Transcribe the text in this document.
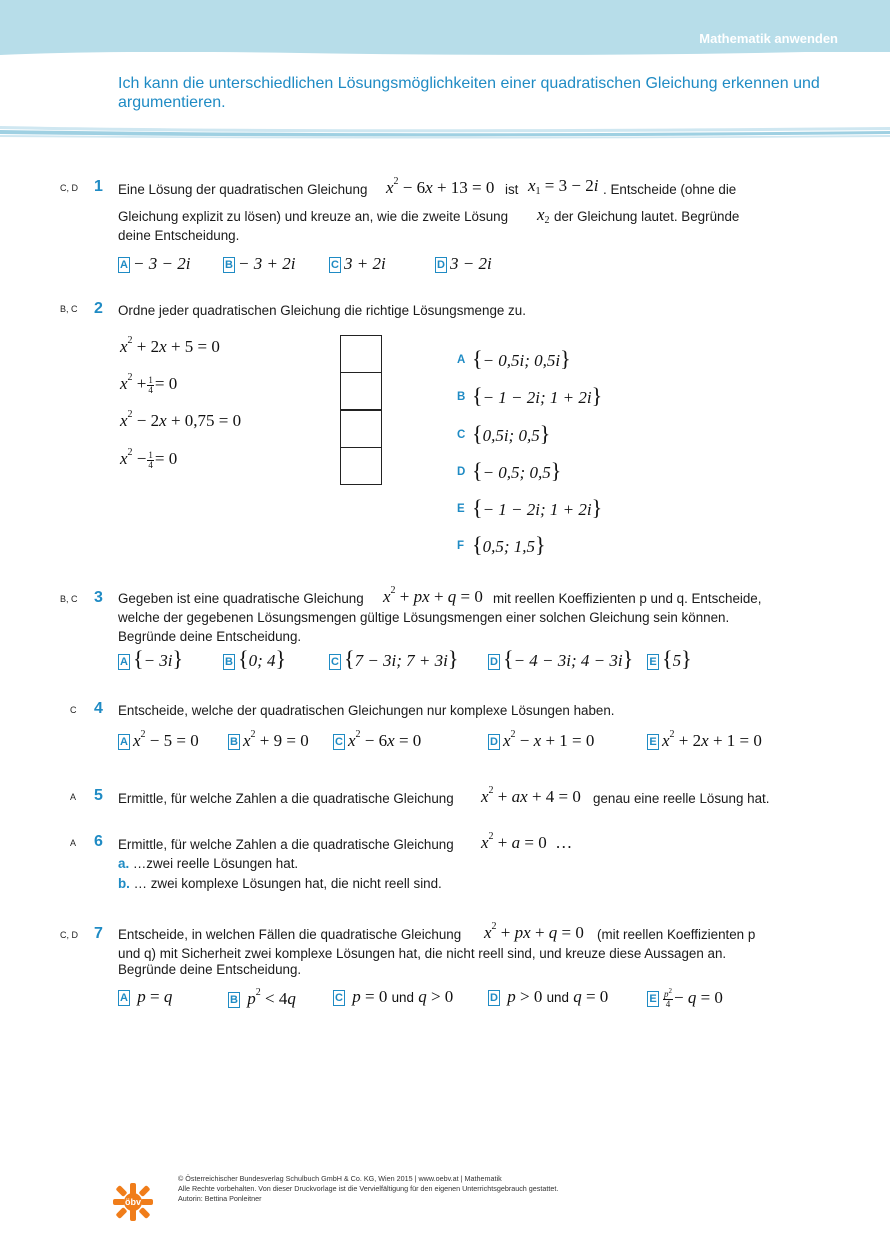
Mathematik anwenden
Ich kann die unterschiedlichen Lösungsmöglichkeiten einer quadratischen Gleichung erkennen und argumentieren.
C, D 1 Eine Lösung der quadratischen Gleichung $x^2 - 6x + 13 = 0$ ist $x_1 = 3 - 2i$ . Entscheide (ohne die
Gleichung explizit zu lösen) und kreuze an, wie die zweite Lösung $x_2$ der Gleichung lautet. Begründe
deine Entscheidung.
A − 3 − 2i	B − 3 + 2i	C 3 + 2i	D 3 − 2i
B, C 2 Ordne jeder quadratischen Gleichung die richtige Lösungsmenge zu.
$x^2 + 2x + 5 = 0$
$x^2 + \frac{1}{4} = 0$
$x^2 - 2x + 0,75 = 0$
$x^2 - \frac{1}{4} = 0$
A {− 0,5i; 0,5i}
B {− 1 − 2i; 1 + 2i}
C {0,5i; 0,5}
D {− 0,5; 0,5}
E {− 1 − 2i; 1 + 2i}
F {0,5; 1,5}
B, C 3 Gegeben ist eine quadratische Gleichung $x^2$ + px + q = 0 mit reellen Koeffizienten p und q. Entscheide,
welche der gegebenen Lösungsmengen gültige Lösungsmengen einer solchen Gleichung sein können.
Begründe deine Entscheidung.
A {− 3i}	B {0; 4}	C {7 − 3i; 7 + 3i}	D {− 4 − 3i; 4 − 3i} E {5}
C 4 Entscheide, welche der quadratischen Gleichungen nur komplexe Lösungen haben.
A $x^2 - 5 = 0$	B $x^2 + 9 = 0$ C $x^2 - 6x = 0$	D $x^2 - x + 1 = 0$	E $x^2 + 2x + 1 = 0$
A 5 Ermittle, für welche Zahlen a die quadratische Gleichung $x^2$ + ax + 4 = 0 genau eine reelle Lösung hat.
A 6 Ermittle, für welche Zahlen a die quadratische Gleichung $x^2 + a = 0$  …
a. …zwei reelle Lösungen hat.
b. … zwei komplexe Lösungen hat, die nicht reell sind.
C, D 7 Entscheide, in welchen Fällen die quadratische Gleichung $x^2$ + px + q = 0 (mit reellen Koeffizienten p
und q) mit Sicherheit zwei komplexe Lösungen hat, die nicht reell sind, und kreuze diese Aussagen an.
Begründe deine Entscheidung.
A p = q	B $p^2 < 4q$	C p = 0 und q > 0	D p > 0 und q = 0	E $\frac{p^2}{4} - q = 0$
öbv
© Österreichischer Bundesverlag Schulbuch GmbH & Co. KG, Wien 2015 | www.oebv.at | Mathematik
Alle Rechte vorbehalten. Von dieser Druckvorlage ist die Vervielfältigung für den eigenen Unterrichtsgebrauch gestattet.
Autorin: Bettina Ponleitner
